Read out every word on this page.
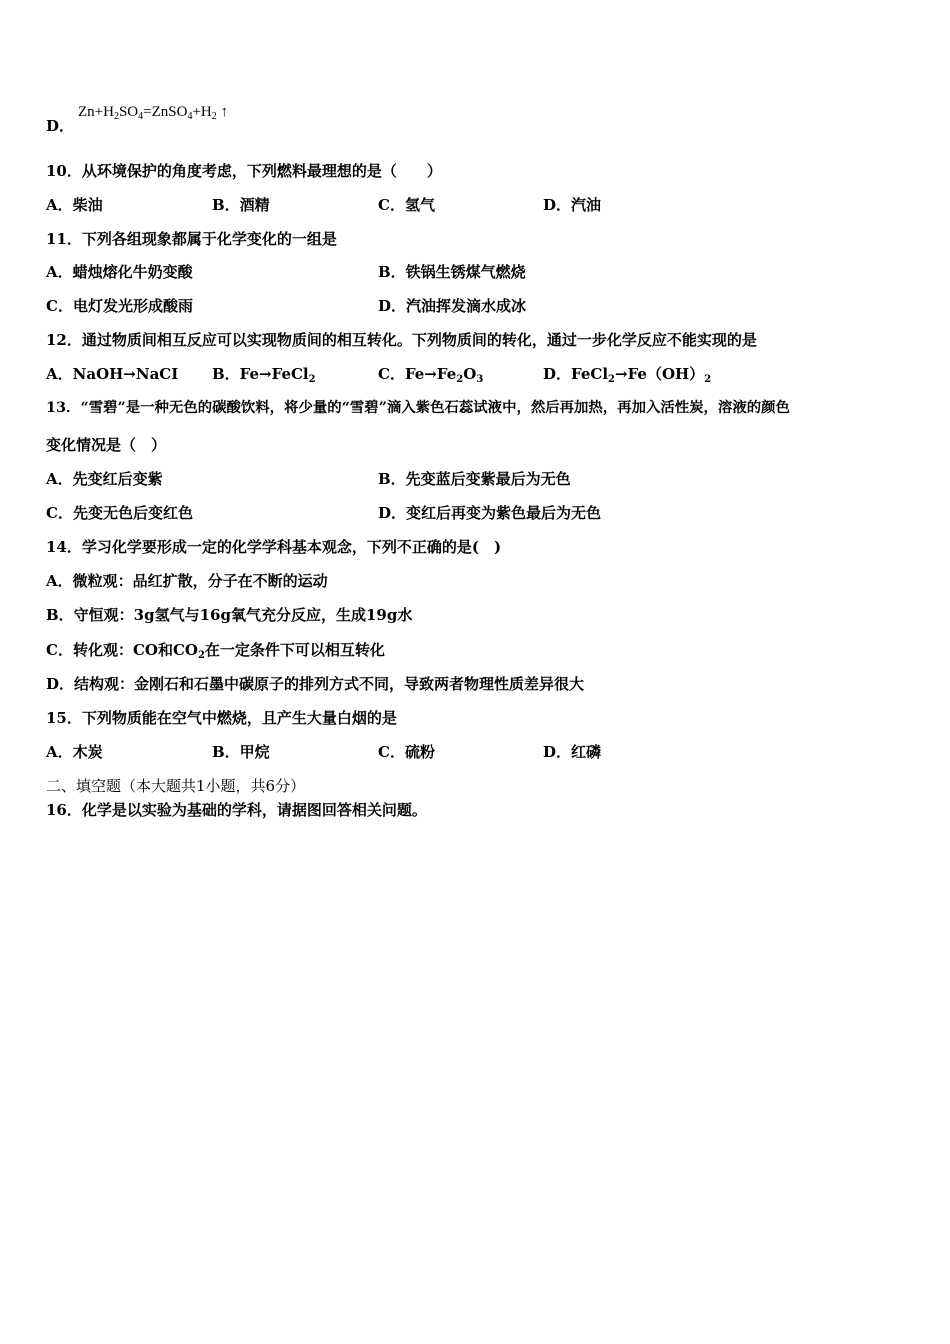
D．
$Zn+H_2SO_4=ZnSO_4+H_2$ ↑
10．从环境保护的角度考虑，下列燃料最理想的是（　　）
A．柴油	B．酒精	C．氢气	D．汽油
11．下列各组现象都属于化学变化的一组是
A．蜡烛熔化牛奶变酸	B．铁锅生锈煤气燃烧
C．电灯发光形成酸雨	D．汽油挥发滴水成冰
12．通过物质间相互反应可以实现物质间的相互转化。下列物质间的转化，通过一步化学反应不能实现的是
A．NaOH→NaCI B．Fe→FeCl$_2$	C．$Fe\to Fe_2O_3$	D．$FeCl_2\to Fe(OH)_2$
13．“雪碧”是一种无色的碳酸饮料，将少量的“雪碧”滴入紫色石蕊试液中，然后再加热，再加入活性炭，溶液的颜色
变化情况是（　）
A．先变红后变紫	B．先变蓝后变紫最后为无色
C．先变无色后变红色	D．变红后再变为紫色最后为无色
14．学习化学要形成一定的化学学科基本观念，下列不正确的是(　)
A．微粒观：品红扩散，分子在不断的运动
B．守恒观：3g氢气与16g氧气充分反应，生成19g水
C．转化观：CO和$CO_2$在一定条件下可以相互转化
D．结构观：金刚石和石墨中碳原子的排列方式不同，导致两者物理性质差异很大
15．下列物质能在空气中燃烧，且产生大量白烟的是
A．木炭	B．甲烷	C．硫粉	D．红磷
二、填空题（本大题共1小题，共6分）
16．化学是以实验为基础的学科，请据图回答相关问题。
